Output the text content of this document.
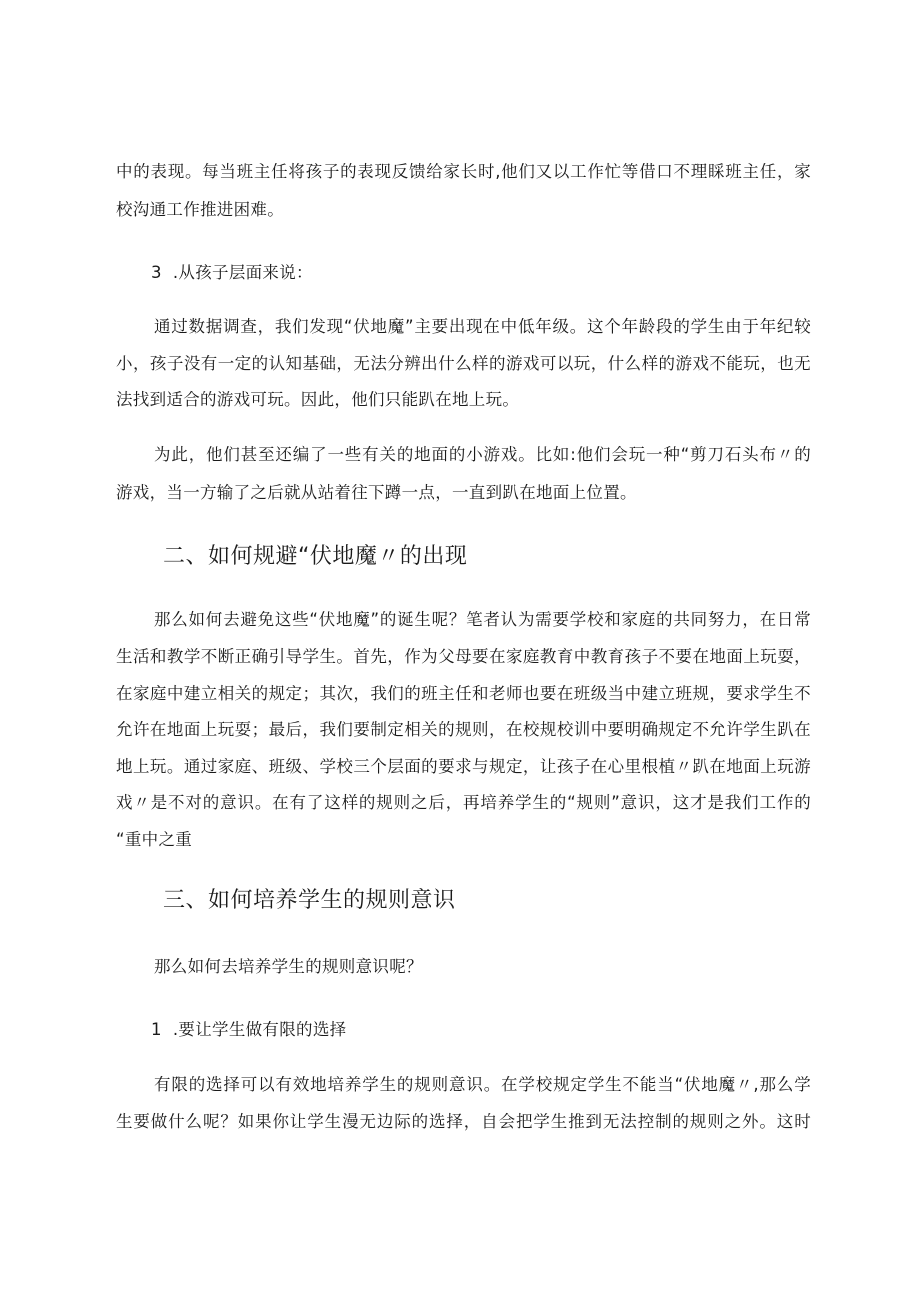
中的表现。每当班主任将孩子的表现反馈给家长时,他们又以工作忙等借口不理睬班主任，家
校沟通工作推进困难。
3  .从孩子层面来说：
通过数据调查，我们发现“伏地魔”主要出现在中低年级。这个年龄段的学生由于年纪较
小，孩子没有一定的认知基础，无法分辨出什么样的游戏可以玩，什么样的游戏不能玩，也无
法找到适合的游戏可玩。因此，他们只能趴在地上玩。
为此，他们甚至还编了一些有关的地面的小游戏。比如:他们会玩一种“剪刀石头布〃的
游戏，当一方输了之后就从站着往下蹲一点，一直到趴在地面上位置。
二、如何规避“伏地魔〃的出现
那么如何去避免这些“伏地魔”的诞生呢？笔者认为需要学校和家庭的共同努力，在日常
生活和教学不断正确引导学生。首先，作为父母要在家庭教育中教育孩子不要在地面上玩耍，
在家庭中建立相关的规定；其次，我们的班主任和老师也要在班级当中建立班规，要求学生不
允许在地面上玩耍；最后，我们要制定相关的规则，在校规校训中要明确规定不允许学生趴在
地上玩。通过家庭、班级、学校三个层面的要求与规定，让孩子在心里根植〃趴在地面上玩游
戏〃是不对的意识。在有了这样的规则之后，再培养学生的“规则”意识，这才是我们工作的
“重中之重
三、如何培养学生的规则意识
那么如何去培养学生的规则意识呢？
1  .要让学生做有限的选择
有限的选择可以有效地培养学生的规则意识。在学校规定学生不能当“伏地魔〃,那么学
生要做什么呢？如果你让学生漫无边际的选择，自会把学生推到无法控制的规则之外。这时
